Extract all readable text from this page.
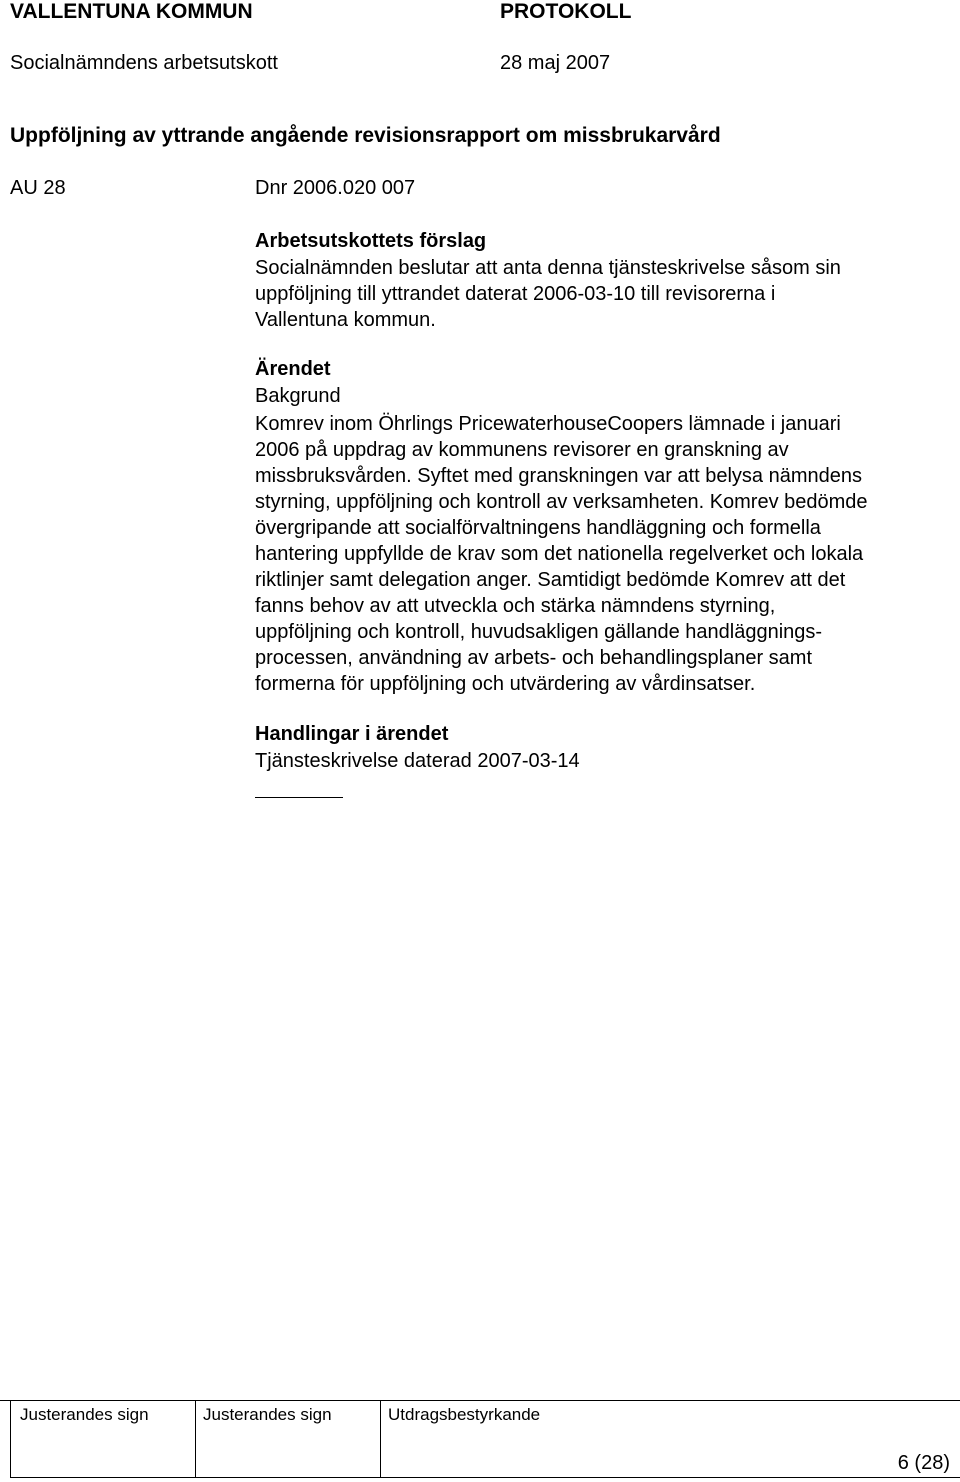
VALLENTUNA KOMMUN	PROTOKOLL
Socialnämndens arbetsutskott	28 maj 2007
Uppföljning av yttrande angående revisionsrapport om missbrukarvård
AU 28	Dnr 2006.020 007
Arbetsutskottets förslag
Socialnämnden beslutar att anta denna tjänsteskrivelse såsom sin
uppföljning till yttrandet daterat 2006-03-10 till revisorerna i
Vallentuna kommun.
Ärendet
Bakgrund
Komrev inom Öhrlings PricewaterhouseCoopers lämnade i januari
2006 på uppdrag av kommunens revisorer en granskning av
missbruksvården. Syftet med granskningen var att belysa nämndens
styrning, uppföljning och kontroll av verksamheten. Komrev bedömde
övergripande att socialförvaltningens handläggning och formella
hantering uppfyllde de krav som det nationella regelverket och lokala
riktlinjer samt delegation anger. Samtidigt bedömde Komrev att det
fanns behov av att utveckla och stärka nämndens styrning,
uppföljning och kontroll, huvudsakligen gällande handläggnings-
processen, användning av arbets- och behandlingsplaner samt
formerna för uppföljning och utvärdering av vårdinsatser.
Handlingar i ärendet
Tjänsteskrivelse daterad 2007-03-14
Justerandes sign	Justerandes sign	Utdragsbestyrkande
6 (28)
